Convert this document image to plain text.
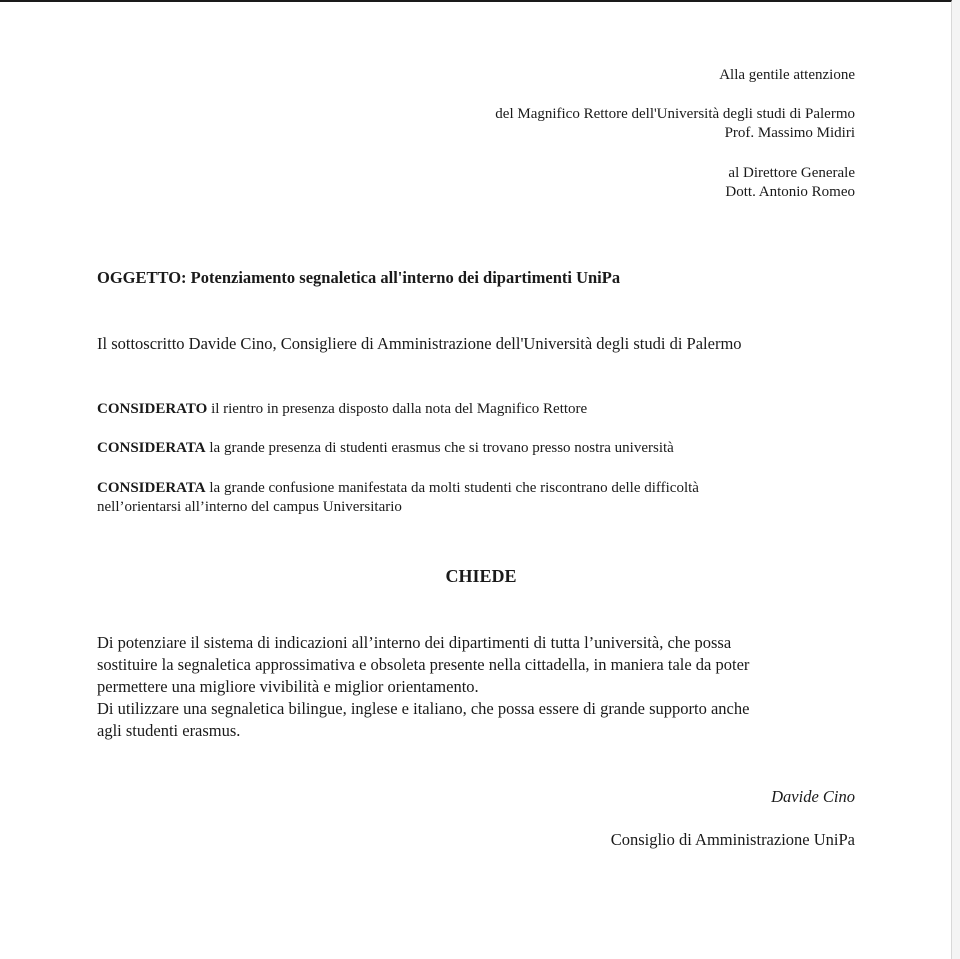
Alla gentile attenzione
del Magnifico Rettore dell'Università degli studi di Palermo
Prof. Massimo Midiri
al Direttore Generale
Dott. Antonio Romeo
OGGETTO: Potenziamento segnaletica all'interno dei dipartimenti UniPa
Il sottoscritto Davide Cino, Consigliere di Amministrazione dell'Università degli studi di Palermo
CONSIDERATO il rientro in presenza disposto dalla nota del Magnifico Rettore
CONSIDERATA la grande presenza di studenti erasmus che si trovano presso nostra università
CONSIDERATA la grande confusione manifestata da molti studenti che riscontrano delle difficoltà
nell’orientarsi all’interno del campus Universitario
CHIEDE
Di potenziare il sistema di indicazioni all’interno dei dipartimenti di tutta l’università, che possa
sostituire la segnaletica approssimativa e obsoleta presente nella cittadella, in maniera tale da poter
permettere una migliore vivibilità e miglior orientamento.
Di utilizzare una segnaletica bilingue, inglese e italiano, che possa essere di grande supporto anche
agli studenti erasmus.
Davide Cino
Consiglio di Amministrazione UniPa
